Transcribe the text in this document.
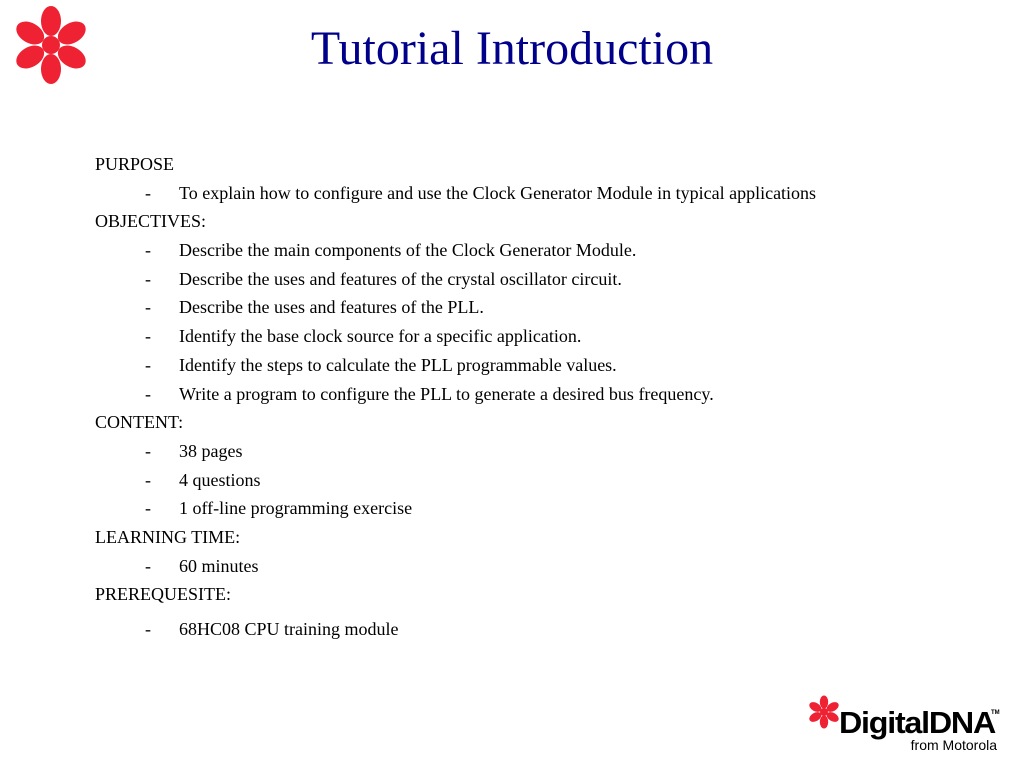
Tutorial Introduction
PURPOSE
- To explain how to configure and use the Clock Generator Module in typical applications
OBJECTIVES:
- Describe the main components of the Clock Generator Module.
- Describe the uses and features of the crystal oscillator circuit.
- Describe the uses and features of the PLL.
- Identify the base clock source for a specific application.
- Identify the steps to calculate the PLL programmable values.
- Write a program to configure the PLL to generate a desired bus frequency.
CONTENT:
- 38 pages
- 4 questions
- 1 off-line programming exercise
LEARNING TIME:
- 60 minutes
PREREQUESITE:
- 68HC08 CPU training module
Digital DNA
TM
from Motorola
